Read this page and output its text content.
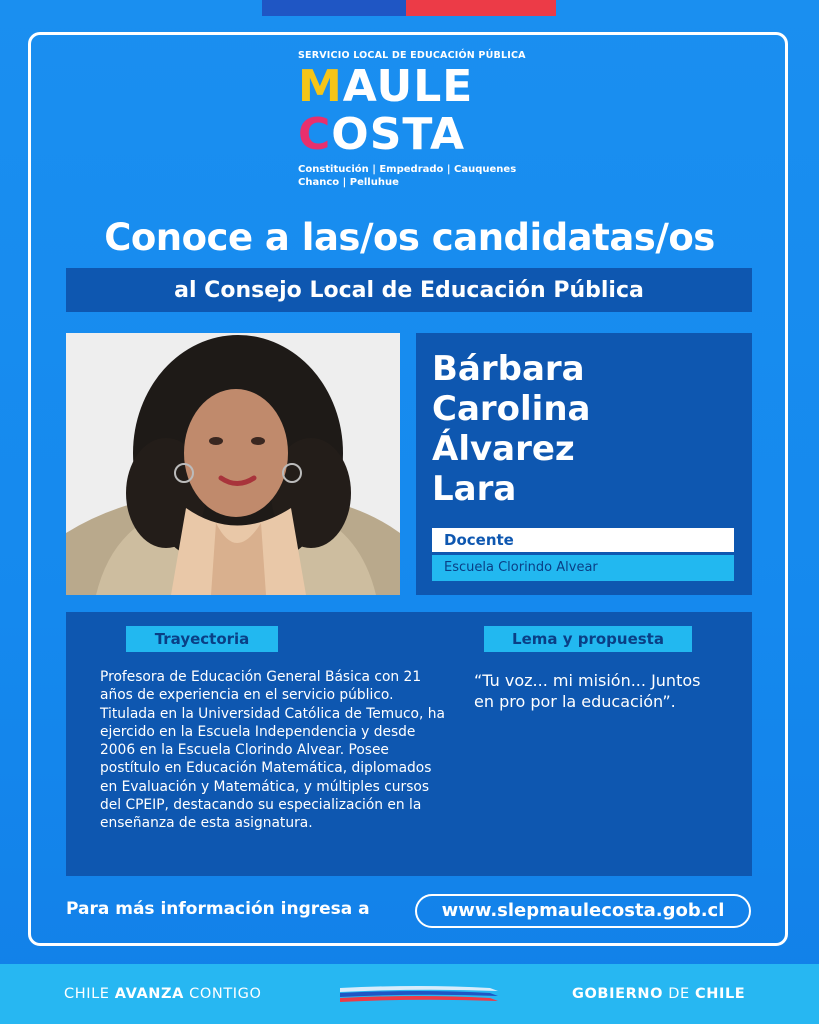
SERVICIO LOCAL DE EDUCACIÓN PÚBLICA
MAULE
COSTA
Constitución | Empedrado | Cauquenes
Chanco | Pelluhue
Conoce a las/os candidatas/os
al Consejo Local de Educación Pública
Bárbara
Carolina
Álvarez
Lara
Docente
Escuela Clorindo Alvear
Trayectoria	Lema y propuesta
Profesora de Educación General Básica con 21 años de experiencia en el servicio público. Titulada en la Universidad Católica de Temuco, ha ejercido en la Escuela Independencia y desde 2006 en la Escuela Clorindo Alvear. Posee postítulo en Educación Matemática, diplomados en Evaluación y Matemática, y múltiples cursos del CPEIP, destacando su especialización en la enseñanza de esta asignatura.
“Tu voz... mi misión... Juntos en pro por la educación”.
Para más información ingresa a	www.slepmaulecosta.gob.cl
CHILE AVANZA CONTIGO	GOBIERNO DE CHILE
